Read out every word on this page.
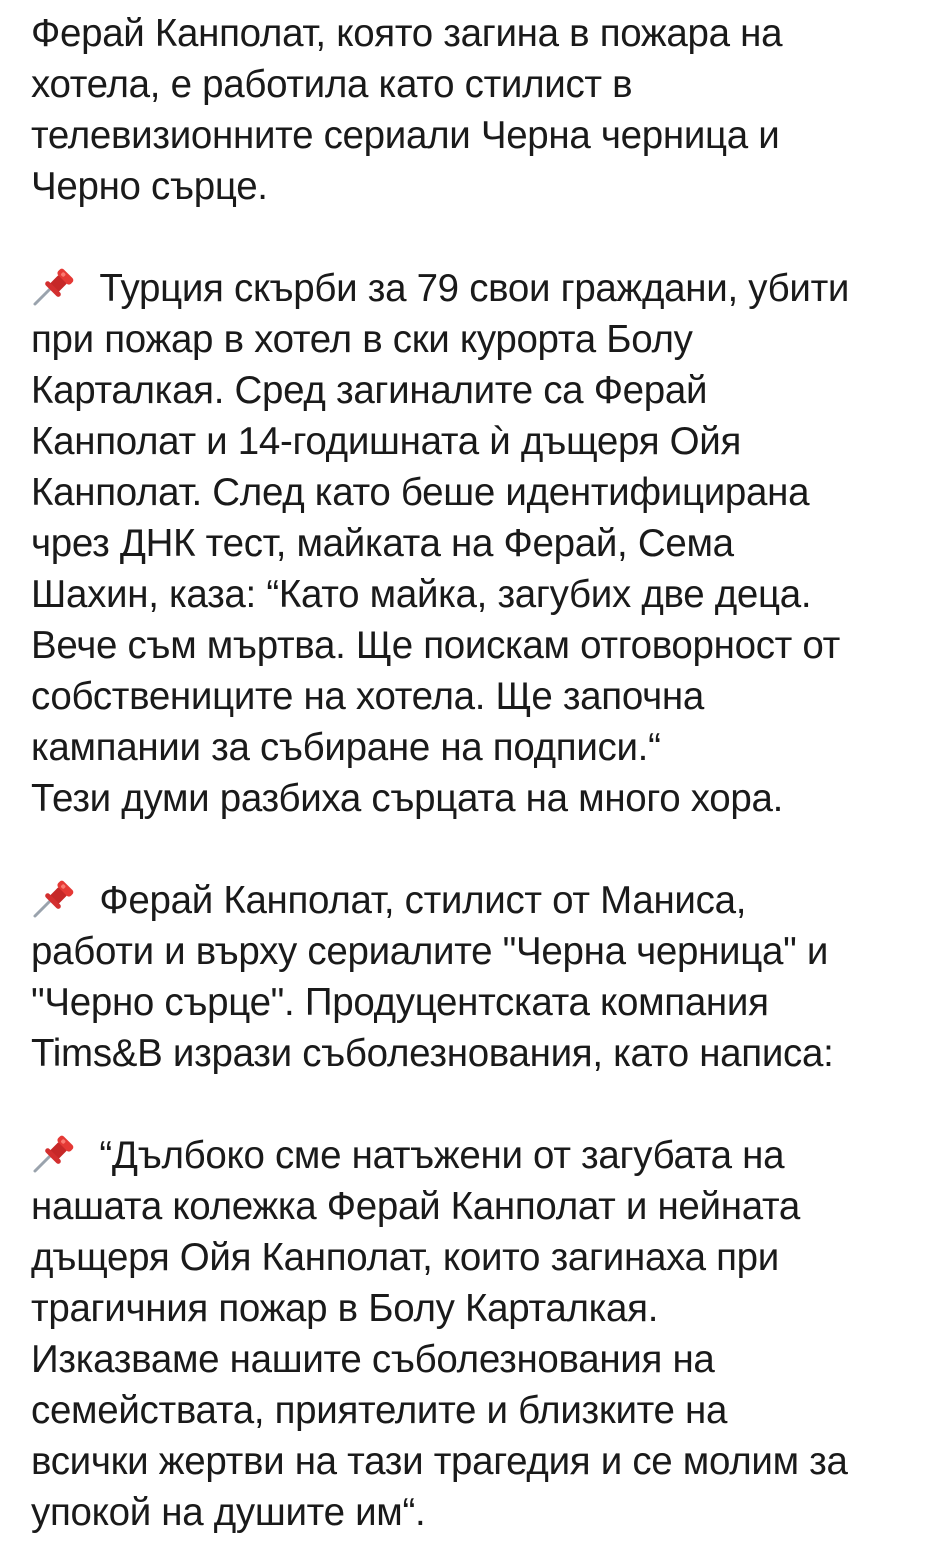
Ферай Канполат, която загина в пожара на
хотела, е работила като стилист в
телевизионните сериали Черна черница и
Черно сърце.
Турция скърби за 79 свои граждани, убити
при пожар в хотел в ски курорта Болу
Карталкая. Сред загиналите са Ферай
Канполат и 14-годишната ѝ дъщеря Ойя
Канполат. След като беше идентифицирана
чрез ДНК тест, майката на Ферай, Сема
Шахин, каза: “Като майка, загубих две деца.
Вече съм мъртва. Ще поискам отговорност от
собствениците на хотела. Ще започна
кампании за събиране на подписи.“
Тези думи разбиха сърцата на много хора.
Ферай Канполат, стилист от Маниса,
работи и върху сериалите "Черна черница" и
"Черно сърце". Продуцентската компания
Tims&B изрази съболезнования, като написа:
“Дълбоко сме натъжени от загубата на
нашата колежка Ферай Канполат и нейната
дъщеря Ойя Канполат, които загинаха при
трагичния пожар в Болу Карталкая.
Изказваме нашите съболезнования на
семействата, приятелите и близките на
всички жертви на тази трагедия и се молим за
упокой на душите им“.
